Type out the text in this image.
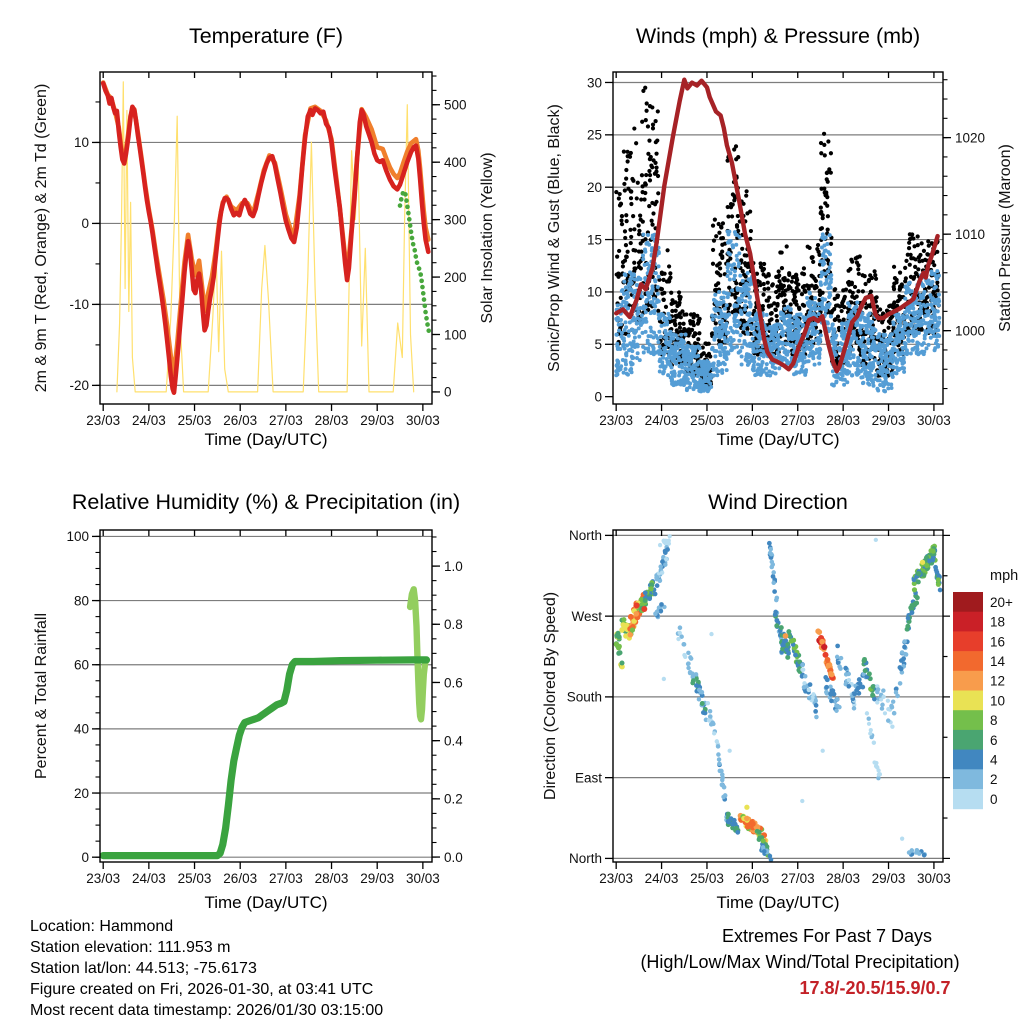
23/03 24/03 25/03 26/03 27/03 28/03 29/03 30/03
-20
-10
0
10
2m & 9m T (Red, Orange) & 2m Td (Green)	0
100
200
300
400
500
Solar Insolation (Yellow)
23/03 24/03 25/03 26/03 27/03 28/03 29/03 30/03
0
5
10
15
20
25
30
Sonic/Prop Wind & Gust (Blue, Black)	1000
1010
1020
Station Pressure (Maroon)
23/03 24/03 25/03 26/03 27/03 28/03 29/03 30/03
0
20
40
60
80
100
Percent & Total Rainfall
0.0
0.2
0.4
0.6
0.8
1.0
23/03 24/03 25/03 26/03 27/03 28/03 29/03 30/03
North
East
South
West
North
Direction (Colored By Speed)
mph
20+
18
16
14
12
10
8
6
4
2
0
Temperature (F)	Winds (mph) & Pressure (mb)
Relative Humidity (%) & Precipitation (in)	Wind Direction
Time (Day/UTC)	Time (Day/UTC)
Time (Day/UTC)	Time (Day/UTC)
Location: Hammond
Station elevation: 111.953 m
Station lat/lon: 44.513; -75.6173
Figure created on Fri, 2026-01-30, at 03:41 UTC
Most recent data timestamp: 2026/01/30 03:15:00
Extremes For Past 7 Days
(High/Low/Max Wind/Total Precipitation)
17.8/-20.5/15.9/0.7
